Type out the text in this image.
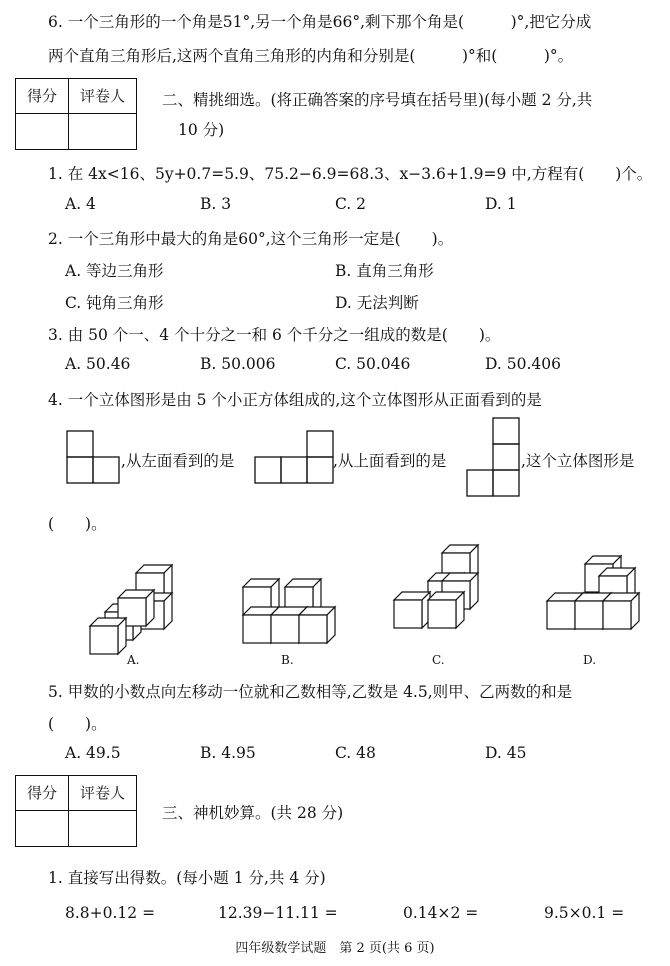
6. 一个三角形的一个角是51°,另一个角是66°,剩下那个角是(　　　)°,把它分成
两个直角三角形后,这两个直角三角形的内角和分别是(　　　)°和(　　　)°。
得分	评卷人	二、精挑细选。(将正确答案的序号填在括号里)(每小题 2 分,共
10 分)
1. 在 4x<16、5y+0.7=5.9、75.2−6.9=68.3、x−3.6+1.9=9 中,方程有(　　)个。
A. 4	B. 3	C. 2	D. 1
2. 一个三角形中最大的角是60°,这个三角形一定是(　　)。
A. 等边三角形	B. 直角三角形
C. 钝角三角形	D. 无法判断
3. 由 50 个一、4 个十分之一和 6 个千分之一组成的数是(　　)。
A. 50.46	B. 50.006	C. 50.046	D. 50.406
4. 一个立体图形是由 5 个小正方体组成的,这个立体图形从正面看到的是
,从左面看到的是	,从上面看到的是	,这个立体图形是
(　　)。
A.	B.	C.	D.
5. 甲数的小数点向左移动一位就和乙数相等,乙数是 4.5,则甲、乙两数的和是
(　　)。
A. 49.5	B. 4.95	C. 48	D. 45
得分	评卷人
三、神机妙算。(共 28 分)
1. 直接写出得数。(每小题 1 分,共 4 分)
8.8+0.12 =	12.39−11.11 =	0.14×2 =	9.5×0.1 =
四年级数学试题　第 2 页(共 6 页)
